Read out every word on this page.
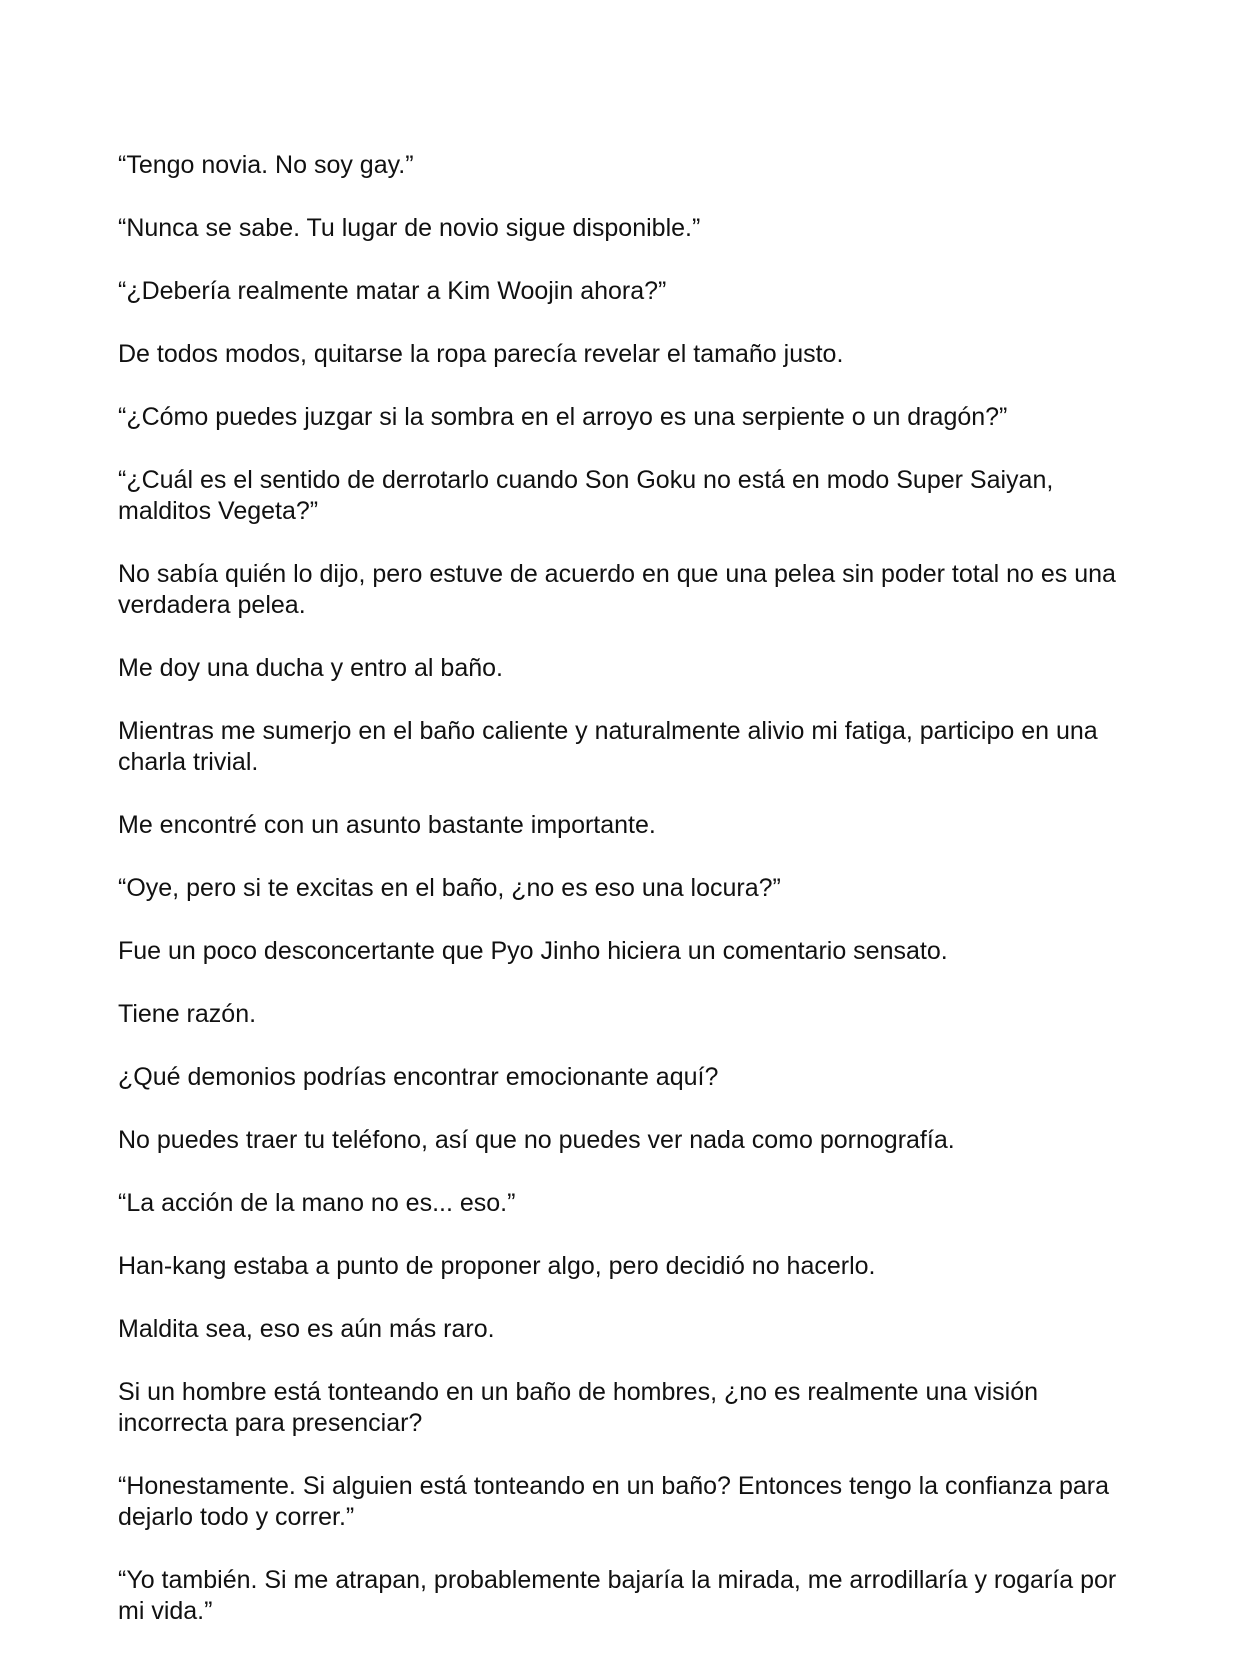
“Tengo novia. No soy gay.”

“Nunca se sabe. Tu lugar de novio sigue disponible.”

“¿Debería realmente matar a Kim Woojin ahora?”

De todos modos, quitarse la ropa parecía revelar el tamaño justo.

“¿Cómo puedes juzgar si la sombra en el arroyo es una serpiente o un dragón?”

“¿Cuál es el sentido de derrotarlo cuando Son Goku no está en modo Super Saiyan, malditos Vegeta?”

No sabía quién lo dijo, pero estuve de acuerdo en que una pelea sin poder total no es una verdadera pelea.

Me doy una ducha y entro al baño.

Mientras me sumerjo en el baño caliente y naturalmente alivio mi fatiga, participo en una charla trivial.

Me encontré con un asunto bastante importante.

“Oye, pero si te excitas en el baño, ¿no es eso una locura?”

Fue un poco desconcertante que Pyo Jinho hiciera un comentario sensato.

Tiene razón.

¿Qué demonios podrías encontrar emocionante aquí?

No puedes traer tu teléfono, así que no puedes ver nada como pornografía.

“La acción de la mano no es... eso.”

Han-kang estaba a punto de proponer algo, pero decidió no hacerlo.

Maldita sea, eso es aún más raro.

Si un hombre está tonteando en un baño de hombres, ¿no es realmente una visión incorrecta para presenciar?

“Honestamente. Si alguien está tonteando en un baño? Entonces tengo la confianza para dejarlo todo y correr.”

“Yo también. Si me atrapan, probablemente bajaría la mirada, me arrodillaría y rogaría por mi vida.”
